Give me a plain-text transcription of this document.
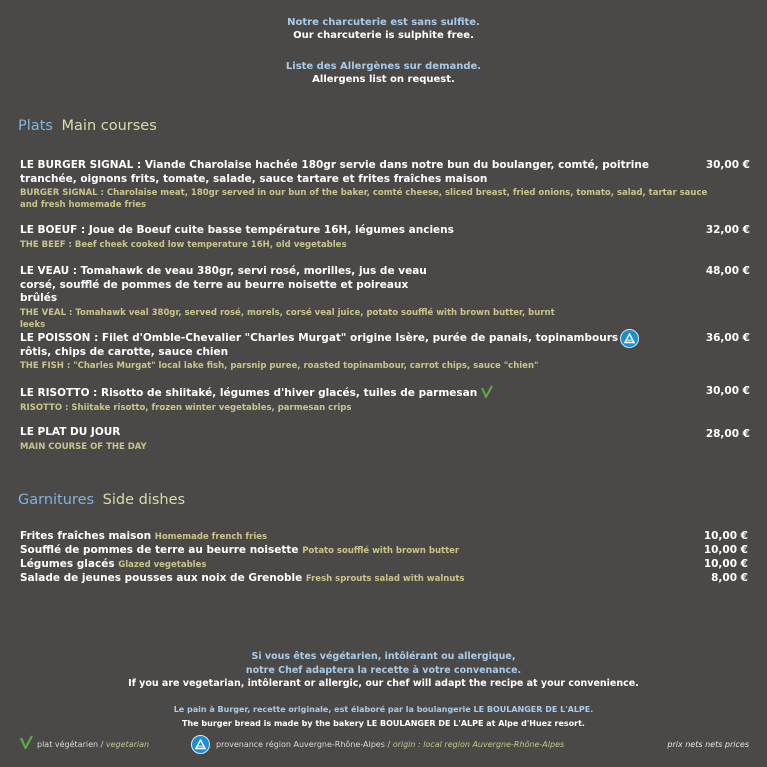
Notre charcuterie est sans sulfite.
Our charcuterie is sulphite free.
Liste des Allergènes sur demande.
Allergens list on request.
Plats Main courses
LE BURGER SIGNAL : Viande Charolaise hachée 180gr servie dans notre bun du boulanger, comté, poitrine tranchée, oignons frits, tomate, salade, sauce tartare et frites fraîches maison
BURGER SIGNAL : Charolaise meat, 180gr served in our bun of the baker, comté cheese, sliced breast, fried onions, tomato, salad, tartar sauce and fresh homemade fries
30,00 €
LE BOEUF : Joue de Boeuf cuite basse température 16H, légumes anciens
THE BEEF : Beef cheek cooked low temperature 16H, old vegetables
32,00 €
LE VEAU : Tomahawk de veau 380gr, servi rosé, morilles, jus de veau corsé, soufflé de pommes de terre au beurre noisette et poireaux brûlés
THE VEAL : Tomahawk veal 380gr, served rosé, morels, corsé veal juice, potato soufflé with brown butter, burnt leeks
48,00 €
LE POISSON : Filet d'Omble-Chevalier "Charles Murgat" origine Isère, purée de panais, topinambours rôtis, chips de carotte, sauce chien
THE FISH : "Charles Murgat" local lake fish, parsnip puree, roasted topinambour, carrot chips, sauce "chien"
36,00 €
LE RISOTTO : Risotto de shiitaké, légumes d'hiver glacés, tuiles de parmesan
RISOTTO : Shiitake risotto, frozen winter vegetables, parmesan crips
30,00 €
LE PLAT DU JOUR
MAIN COURSE OF THE DAY
28,00 €
Garnitures Side dishes
Frites fraîches maison Homemade french fries	10,00 €
Soufflé de pommes de terre au beurre noisette Potato soufflé with brown butter	10,00 €
Légumes glacés Glazed vegetables	10,00 €
Salade de jeunes pousses aux noix de Grenoble Fresh sprouts salad with walnuts	8,00 €
Si vous êtes végétarien, intôlérant ou allergique,
notre Chef adaptera la recette à votre convenance.
If you are vegetarian, intôlerant or allergic, our chef will adapt the recipe at your convenience.
Le pain à Burger, recette originale, est élaboré par la boulangerie LE BOULANGER DE L'ALPE.
The burger bread is made by the bakery LE BOULANGER DE L'ALPE at Alpe d'Huez resort.
plat végétarien / vegetarian	provenance région Auvergne-Rhône-Alpes / origin : local region Auvergne-Rhône-Alpes	prix nets nets prices
